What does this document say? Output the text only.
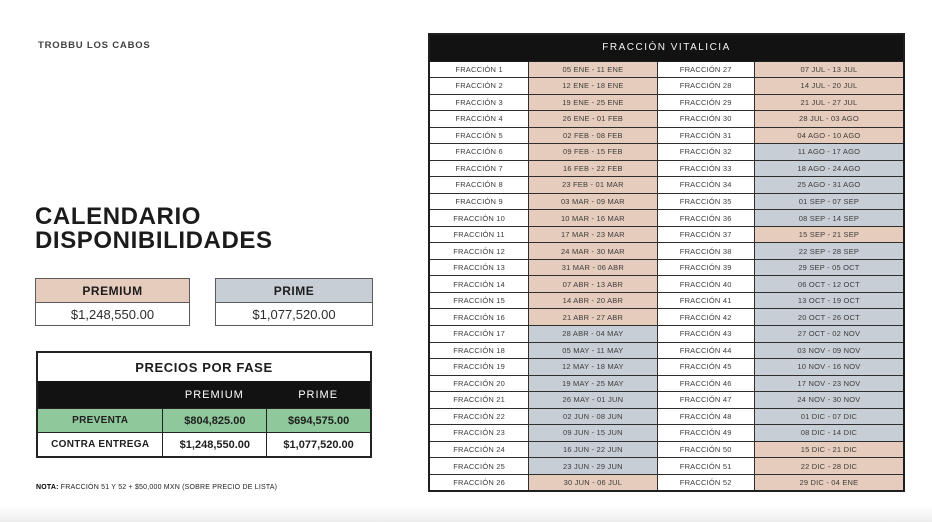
TROBBU LOS CABOS
CALENDARIO
DISPONIBILIDADES
PREMIUM
$1,248,550.00
PRIME
$1,077,520.00
PRECIOS POR FASE
PREMIUM	PRIME
PREVENTA	$804,825.00	$694,575.00
CONTRA ENTREGA	$1,248,550.00	$1,077,520.00
NOTA: FRACCIÓN 51 Y 52 + $50,000 MXN (SOBRE PRECIO DE LISTA)
FRACCIÓN VITALICIA			
FRACCIÓN 1	05 ENE - 11 ENE	FRACCIÓN 27	07 JUL - 13 JUL
FRACCIÓN 2	12 ENE - 18 ENE	FRACCIÓN 28	14 JUL - 20 JUL
FRACCIÓN 3	19 ENE - 25 ENE	FRACCIÓN 29	21 JUL - 27 JUL
FRACCIÓN 4	26 ENE - 01 FEB	FRACCIÓN 30	28 JUL - 03 AGO
FRACCIÓN 5	02 FEB - 08 FEB	FRACCIÓN 31	04 AGO - 10 AGO
FRACCIÓN 6	09 FEB - 15 FEB	FRACCIÓN 32	11 AGO - 17 AGO
FRACCIÓN 7	16 FEB - 22 FEB	FRACCIÓN 33	18 AGO - 24 AGO
FRACCIÓN 8	23 FEB - 01 MAR	FRACCIÓN 34	25 AGO - 31 AGO
FRACCIÓN 9	03 MAR - 09 MAR	FRACCIÓN 35	01 SEP - 07 SEP
FRACCIÓN 10	10 MAR - 16 MAR	FRACCIÓN 36	08 SEP - 14 SEP
FRACCIÓN 11	17 MAR - 23 MAR	FRACCIÓN 37	15 SEP - 21 SEP
FRACCIÓN 12	24 MAR - 30 MAR	FRACCIÓN 38	22 SEP - 28 SEP
FRACCIÓN 13	31 MAR - 06 ABR	FRACCIÓN 39	29 SEP - 05 OCT
FRACCIÓN 14	07 ABR - 13 ABR	FRACCIÓN 40	06 OCT - 12 OCT
FRACCIÓN 15	14 ABR - 20 ABR	FRACCIÓN 41	13 OCT - 19 OCT
FRACCIÓN 16	21 ABR - 27 ABR	FRACCIÓN 42	20 OCT - 26 OCT
FRACCIÓN 17	28 ABR - 04 MAY	FRACCIÓN 43	27 OCT - 02 NOV
FRACCIÓN 18	05 MAY - 11 MAY	FRACCIÓN 44	03 NOV - 09 NOV
FRACCIÓN 19	12 MAY - 18 MAY	FRACCIÓN 45	10 NOV - 16 NOV
FRACCIÓN 20	19 MAY - 25 MAY	FRACCIÓN 46	17 NOV - 23 NOV
FRACCIÓN 21	26 MAY - 01 JUN	FRACCIÓN 47	24 NOV - 30 NOV
FRACCIÓN 22	02 JUN - 08 JUN	FRACCIÓN 48	01 DIC - 07 DIC
FRACCIÓN 23	09 JUN - 15 JUN	FRACCIÓN 49	08 DIC - 14 DIC
FRACCIÓN 24	16 JUN - 22 JUN	FRACCIÓN 50	15 DIC - 21 DIC
FRACCIÓN 25	23 JUN - 29 JUN	FRACCIÓN 51	22 DIC - 28 DIC
FRACCIÓN 26	30 JUN - 06 JUL	FRACCIÓN 52	29 DIC - 04 ENE
